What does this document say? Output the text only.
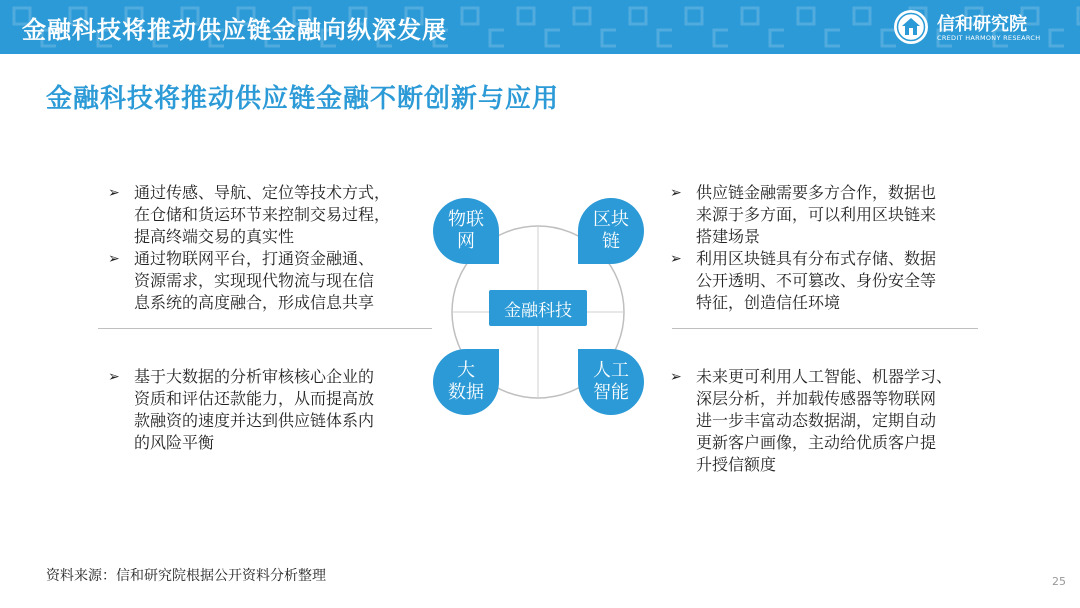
金融科技将推动供应链金融向纵深发展	信和研究院
CREDIT HARMONY RESEARCH
金融科技将推动供应链金融不断创新与应用
➢ 通过传感、导航、定位等技术方式，
在仓储和货运环节来控制交易过程，
提高终端交易的真实性
➢ 通过物联网平台，打通资金融通、
资源需求，实现现代物流与现在信
息系统的高度融合，形成信息共享
➢ 供应链金融需要多方合作，数据也
来源于多方面，可以利用区块链来
搭建场景
➢ 利用区块链具有分布式存储、数据
公开透明、不可篡改、身份安全等
特征，创造信任环境
➢ 基于大数据的分析审核核心企业的
资质和评估还款能力，从而提高放
款融资的速度并达到供应链体系内
的风险平衡
➢ 未来更可利用人工智能、机器学习、
深层分析，并加载传感器等物联网
进一步丰富动态数据湖，定期自动
更新客户画像，主动给优质客户提
升授信额度
物联
网
区块
链
大
数据
人工
智能
金融科技
资料来源：信和研究院根据公开资料分析整理	25
